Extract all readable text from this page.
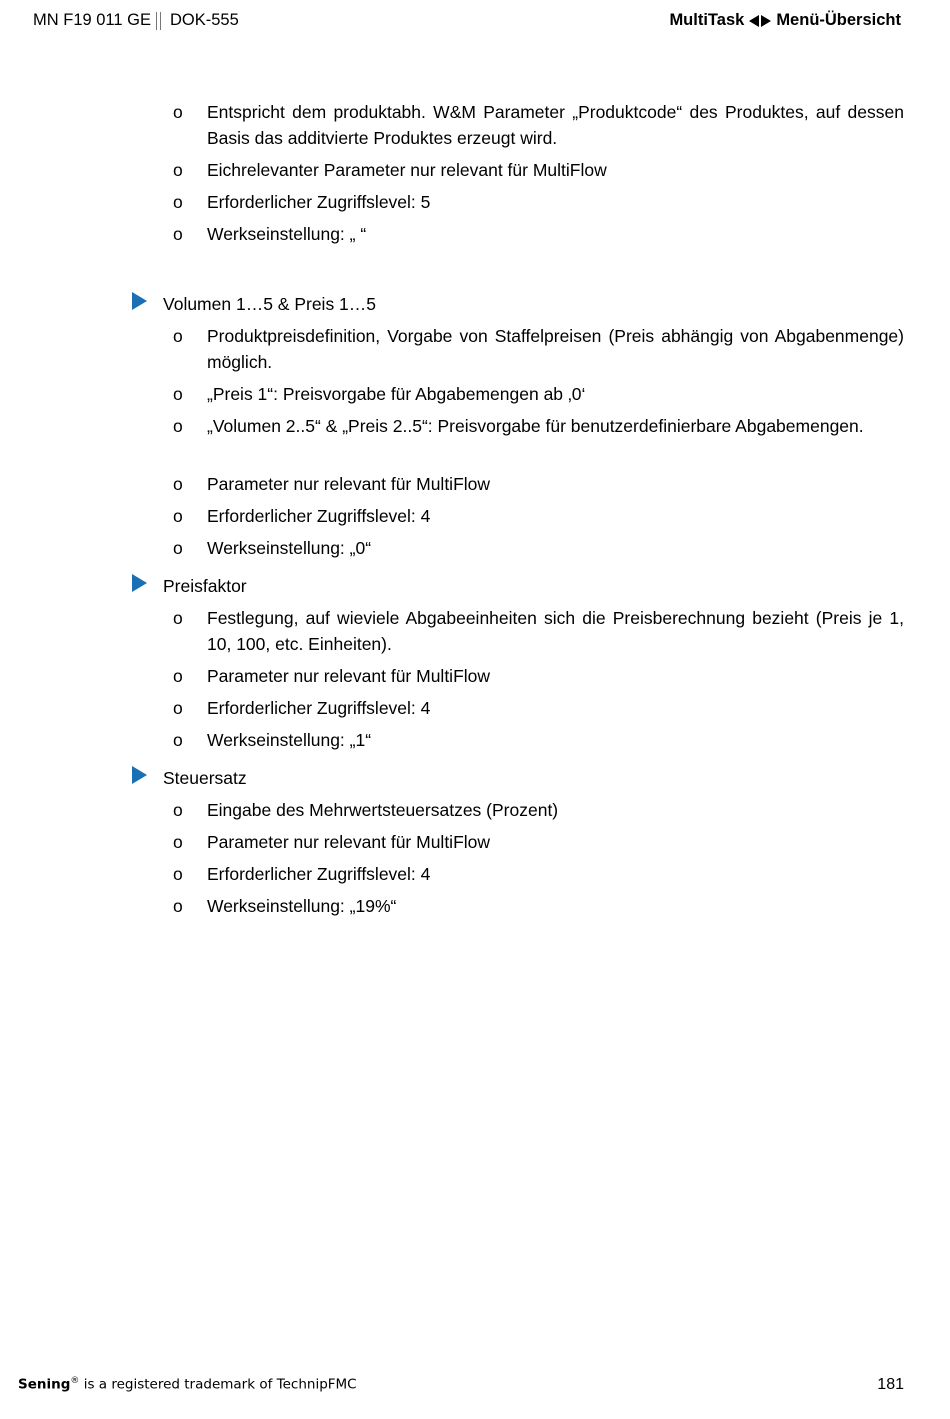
MN F19 011 GE DOK-555	MultiTask Menü-Übersicht
o Entspricht dem produktabh. W&M Parameter „Produktcode“ des Produktes, auf dessen Basis das additvierte Produktes erzeugt wird.
o Eichrelevanter Parameter nur relevant für MultiFlow
o Erforderlicher Zugriffslevel: 5
o Werkseinstellung: „ “
Volumen 1…5 & Preis 1…5
o Produktpreisdefinition, Vorgabe von Staffelpreisen (Preis abhängig von Abgabenmenge) möglich.
o „Preis 1“: Preisvorgabe für Abgabemengen ab ‚0‘
o „Volumen 2..5“ & „Preis 2..5“: Preisvorgabe für benutzerdefinierbare Abgabemengen.
o Parameter nur relevant für MultiFlow
o Erforderlicher Zugriffslevel: 4
o Werkseinstellung: „0“
Preisfaktor
o Festlegung, auf wieviele Abgabeeinheiten sich die Preisberechnung bezieht (Preis je 1, 10, 100, etc. Einheiten).
o Parameter nur relevant für MultiFlow
o Erforderlicher Zugriffslevel: 4
o Werkseinstellung: „1“
Steuersatz
o Eingabe des Mehrwertsteuersatzes (Prozent)
o Parameter nur relevant für MultiFlow
o Erforderlicher Zugriffslevel: 4
o Werkseinstellung: „19%“
Sening® is a registered trademark of TechnipFMC	181
